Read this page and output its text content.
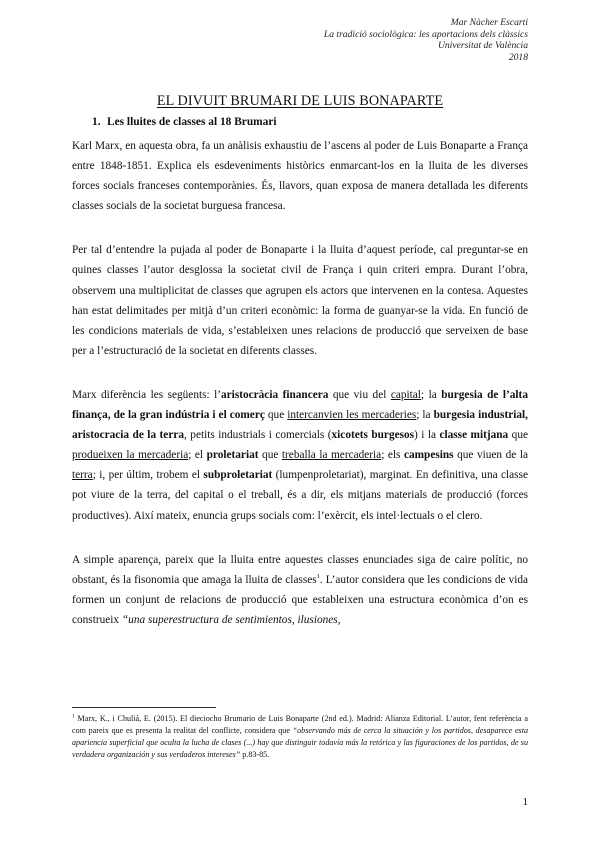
Mar Nàcher Escarti
La tradició sociològica: les aportacions dels clàssics
Universitat de València
2018
EL DIVUIT BRUMARI DE LUIS BONAPARTE
1. Les lluites de classes al 18 Brumari

Karl Marx, en aquesta obra, fa un anàlisis exhaustiu de l’ascens al poder de Luis Bonaparte a França entre 1848-1851. Explica els esdeveniments històrics enmarcant-los en la lluita de les diverses forces socials franceses contemporànies. És, llavors, quan exposa de manera detallada les diferents classes socials de la societat burguesa francesa.

Per tal d’entendre la pujada al poder de Bonaparte i la lluita d’aquest període, cal preguntar-se en quines classes l’autor desglossa la societat civil de França i quin criteri empra. Durant l’obra, observem una multiplicitat de classes que agrupen els actors que intervenen en la contesa. Aquestes han estat delimitades per mitjà d’un criteri econòmic: la forma de guanyar-se la vida. En funció de les condicions materials de vida, s’estableixen unes relacions de producció que serveixen de base per a l’estructuració de la societat en diferents classes.

Marx diferència les següents: l’aristocràcia financera que viu del capital; la burgesia de l’alta finança, de la gran indústria i el comerç que intercanvien les mercaderies; la burgesia industrial, aristocracia de la terra, petits industrials i comercials (xicotets burgesos) i la classe mitjana que produeixen la mercaderia; el proletariat que treballa la mercaderia; els campesins que viuen de la terra; i, per últim, trobem el subproletariat (lumpenproletariat), marginat. En definitiva, una classe pot viure de la terra, del capital o el treball, és a dir, els mitjans materials de producció (forces productives). Així mateix, enuncia grups socials com: l’exèrcit, els intel·lectuals o el clero.

A simple aparença, pareix que la lluita entre aquestes classes enunciades siga de caire polític, no obstant, és la fisonomia que amaga la lluita de classes$^1$. L’autor considera que les condicions de vida formen un conjunt de relacions de producció que estableixen una estructura econòmica d’on es construeix “una superestructura de sentimientos, ilusiones,

$^1$ Marx, K., i Chuliá, E. (2015). El dieciocho Brumario de Luis Bonaparte (2nd ed.). Madrid: Alianza Editorial. L’autor, fent referència a com pareix que es presenta la realitat del conflicte, considera que “observando más de cerca la situación y los partidos, desaparece esta apariencia superficial que oculta la lucha de clases (...) hay que distinguir todavía más la retórica y las figuraciones de los partidos, de su verdadera organización y sus verdaderos intereses” p.83-85.

1
